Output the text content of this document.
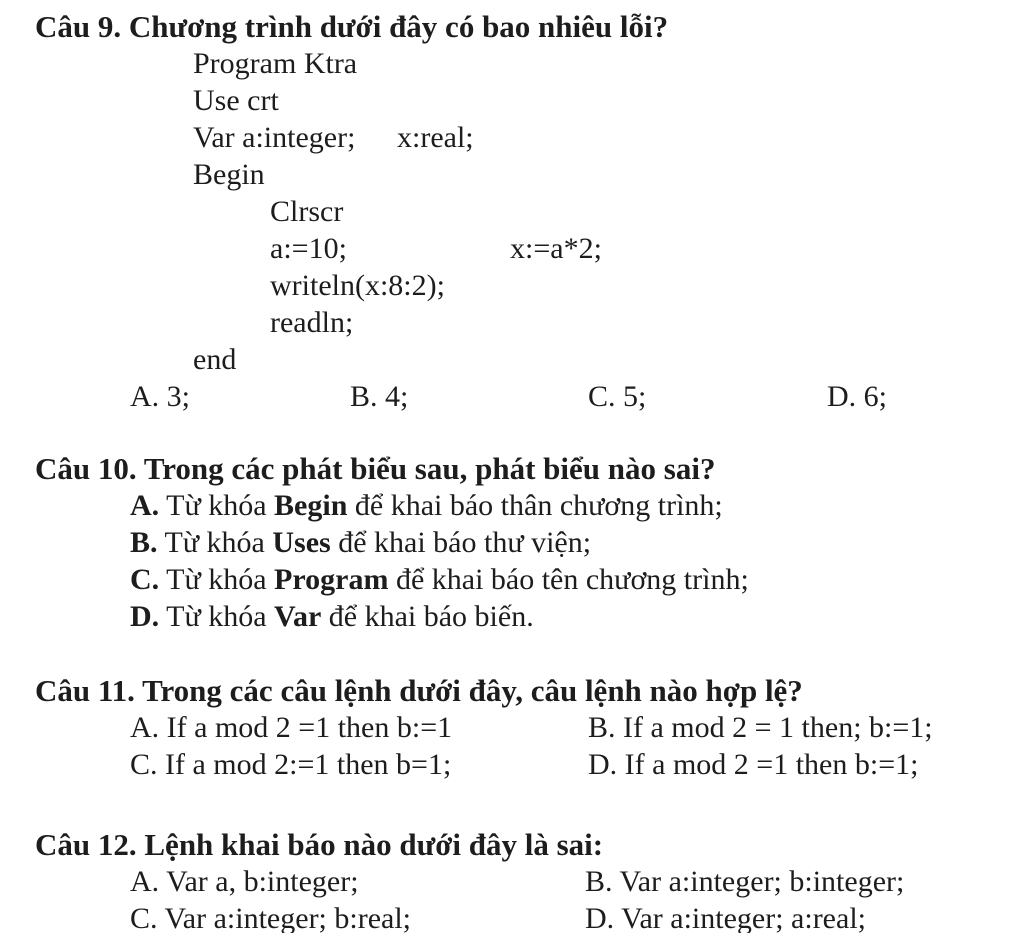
Câu 9. Chương trình dưới đây có bao nhiêu lỗi?
Program Ktra
Use crt
Var a:integer; x:real;
Begin
Clrscr
a:=10;	x:=a*2;
writeln(x:8:2);
readln;
end
A. 3;	B. 4;	C. 5;	D. 6;
Câu 10. Trong các phát biểu sau, phát biểu nào sai?
A. Từ khóa Begin để khai báo thân chương trình;
B. Từ khóa Uses để khai báo thư viện;
C. Từ khóa Program để khai báo tên chương trình;
D. Từ khóa Var để khai báo biến.
Câu 11. Trong các câu lệnh dưới đây, câu lệnh nào hợp lệ?
A. If a mod 2 =1 then b:=1	B. If a mod 2 = 1 then; b:=1;
C. If a mod 2:=1 then b=1;	D. If a mod 2 =1 then b:=1;
Câu 12. Lệnh khai báo nào dưới đây là sai:
A. Var a, b:integer;	B. Var a:integer; b:integer;
C. Var a:integer; b:real;	D. Var a:integer; a:real;
